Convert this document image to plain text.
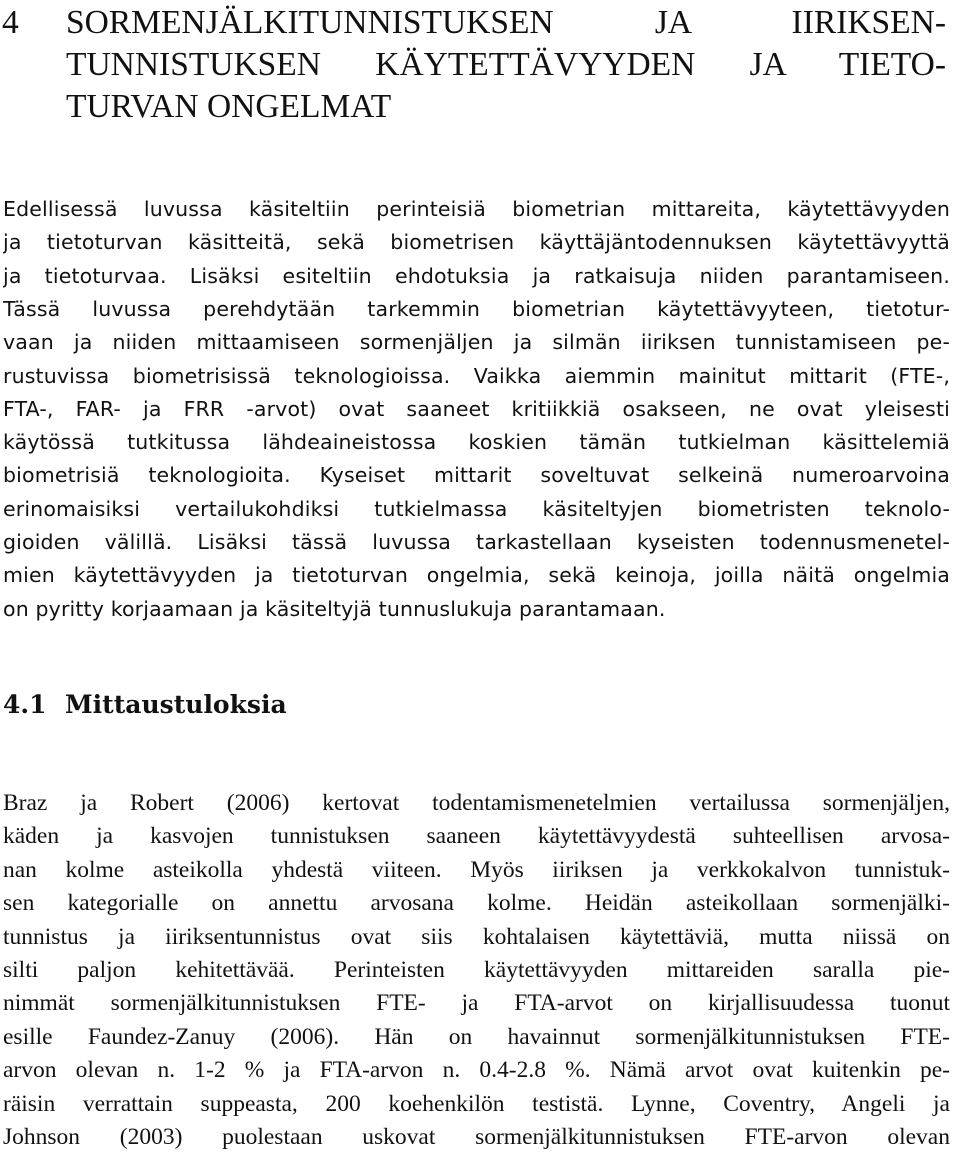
4 SORMENJÄLKITUNNISTUKSEN JA IIRIKSEN-
TUNNISTUKSEN KÄYTETTÄVYYDEN JA TIETO-
TURVAN ONGELMAT

Edellisessä luvussa käsiteltiin perinteisiä biometrian mittareita, käytettävyyden
ja tietoturvan käsitteitä, sekä biometrisen käyttäjäntodennuksen käytettävyyttä
ja tietoturvaa. Lisäksi esiteltiin ehdotuksia ja ratkaisuja niiden parantamiseen.

Tässä luvussa perehdytään tarkemmin biometrian käytettävyyteen, tietotur-
vaan ja niiden mittaamiseen sormenjäljen ja silmän iiriksen tunnistamiseen pe-
rustuvissa biometrisissä teknologioissa. Vaikka aiemmin mainitut mittarit (FTE-,
FTA-, FAR- ja FRR -arvot) ovat saaneet kritiikkiä osakseen, ne ovat yleisesti
käytössä tutkitussa lähdeaineistossa koskien tämän tutkielman käsittelemiä
biometrisiä teknologioita. Kyseiset mittarit soveltuvat selkeinä numeroarvoina
erinomaisiksi vertailukohdiksi tutkielmassa käsiteltyjen biometristen teknolo-
gioiden välillä. Lisäksi tässä luvussa tarkastellaan kyseisten todennusmenetel-
mien käytettävyyden ja tietoturvan ongelmia, sekä keinoja, joilla näitä ongelmia
on pyritty korjaamaan ja käsiteltyjä tunnuslukuja parantamaan.

4.1 Mittaustuloksia

Braz ja Robert (2006) kertovat todentamismenetelmien vertailussa sormenjäljen,
käden ja kasvojen tunnistuksen saaneen käytettävyydestä suhteellisen arvosa-
nan kolme asteikolla yhdestä viiteen. Myös iiriksen ja verkkokalvon tunnistuk-
sen kategorialle on annettu arvosana kolme. Heidän asteikollaan sormenjälki-
tunnistus ja iiriksentunnistus ovat siis kohtalaisen käytettäviä, mutta niissä on
silti paljon kehitettävää. Perinteisten käytettävyyden mittareiden saralla pie-
nimmät sormenjälkitunnistuksen FTE- ja FTA-arvot on kirjallisuudessa tuonut
esille Faundez-Zanuy (2006). Hän on havainnut sormenjälkitunnistuksen FTE-
arvon olevan n. 1-2 % ja FTA-arvon n. 0.4-2.8 %. Nämä arvot ovat kuitenkin pe-
räisin verrattain suppeasta, 200 koehenkilön testistä. Lynne, Coventry, Angeli ja
Johnson (2003) puolestaan uskovat sormenjälkitunnistuksen FTE-arvon olevan
